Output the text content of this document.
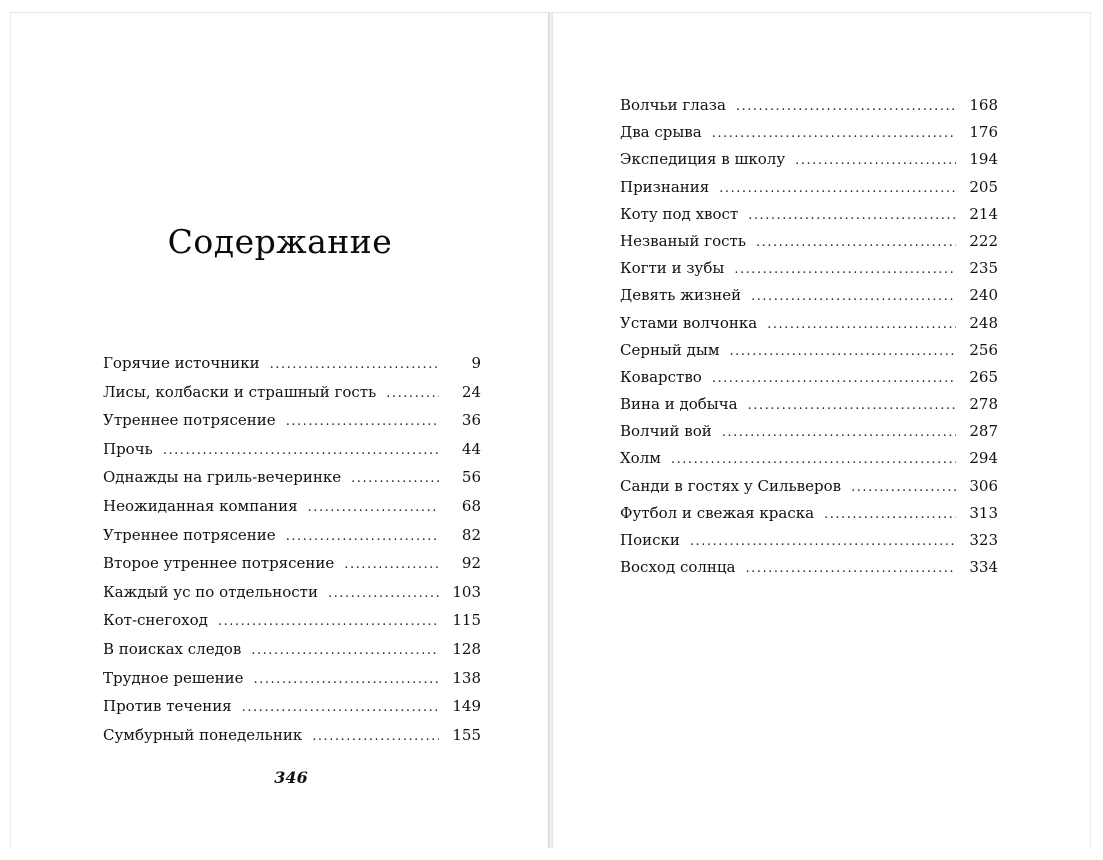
Содержание
Горячие источники . . .	9
Лисы, колбаски и страшный гость . . .	24
Утреннее потрясение . . .	36
Прочь . . .	44
Однажды на гриль-вечеринке . . .	56
Неожиданная компания . . .	68
Утреннее потрясение . . .	82
Второе утреннее потрясение . . .	92
Каждый ус по отдельности . . .	103
Кот-снегоход . . .	115
В поисках следов . . .	128
Трудное решение . . .	138
Против течения . . .	149
Сумбурный понедельник . . .	155
346
Волчьи глаза . . .	168
Два срыва . . .	176
Экспедиция в школу . . .	194
Признания . . .	205
Коту под хвост . . .	214
Незваный гость . . .	222
Когти и зубы . . .	235
Девять жизней . . .	240
Устами волчонка . . .	248
Серный дым . . .	256
Коварство . . .	265
Вина и добыча . . .	278
Волчий вой . . .	287
Холм . . .	294
Санди в гостях у Сильверов . . .	306
Футбол и свежая краска . . .	313
Поиски . . .	323
Восход солнца . . .	334
